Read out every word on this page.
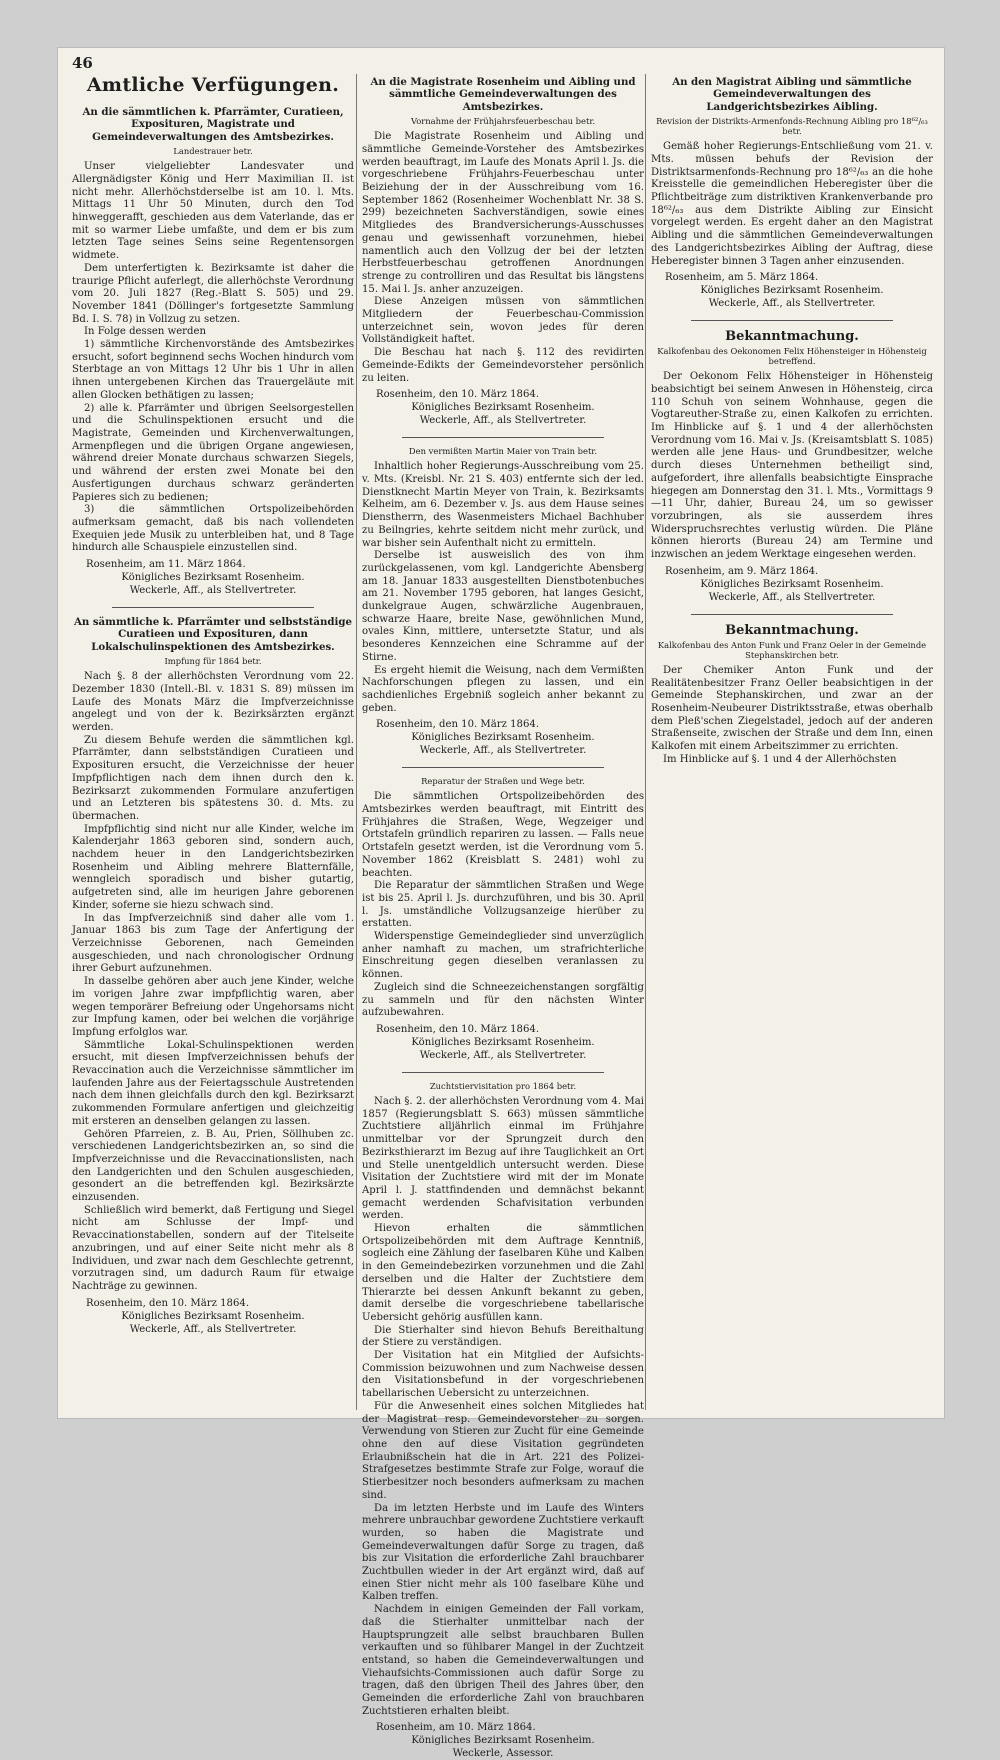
46
Amtliche Verfügungen.
An die sämmtlichen k. Pfarrämter, Curatieen, Exposituren, Magistrate und Gemeindeverwaltungen des Amtsbezirkes.
Landestrauer betr.

Unser vielgeliebter Landesvater und Allergnädigster König und Herr Maximilian II. ist nicht mehr. Allerhöchstderselbe ist am 10. l. Mts. Mittags 11 Uhr 50 Minuten, durch den Tod hinweggerafft, geschieden aus dem Vaterlande, das er mit so warmer Liebe umfaßte, und dem er bis zum letzten Tage seines Seins seine Regentensorgen widmete.

Dem unterfertigten k. Bezirksamte ist daher die traurige Pflicht auferlegt, die allerhöchste Verordnung vom 20. Juli 1827 (Reg.-Blatt S. 505) und 29. November 1841 (Döllinger's fortgesetzte Sammlung Bd. I. S. 78) in Vollzug zu setzen.

In Folge dessen werden

1) sämmtliche Kirchenvorstände des Amtsbezirkes ersucht, sofort beginnend sechs Wochen hindurch vom Sterbtage an von Mittags 12 Uhr bis 1 Uhr in allen ihnen untergebenen Kirchen das Trauergeläute mit allen Glocken bethätigen zu lassen;

2) alle k. Pfarrämter und übrigen Seelsorgestellen und die Schulinspektionen ersucht und die Magistrate, Gemeinden und Kirchenverwaltungen, Armenpflegen und die übrigen Organe angewiesen, während dreier Monate durchaus schwarzen Siegels, und während der ersten zwei Monate bei den Ausfertigungen durchaus schwarz geränderten Papieres sich zu bedienen;

3) die sämmtlichen Ortspolizeibehörden aufmerksam gemacht, daß bis nach vollendeten Exequien jede Musik zu unterbleiben hat, und 8 Tage hindurch alle Schauspiele einzustellen sind.

Rosenheim, am 11. März 1864.
Königliches Bezirksamt Rosenheim.
Weckerle, Aff., als Stellvertreter.
An sämmtliche k. Pfarrämter und selbstständige Curatieen und Exposituren, dann Lokalschulinspektionen des Amtsbezirkes.
Impfung für 1864 betr.

Nach §. 8 der allerhöchsten Verordnung vom 22. Dezember 1830 (Intell.-Bl. v. 1831 S. 89) müssen im Laufe des Monats März die Impfverzeichnisse angelegt und von der k. Bezirksärzten ergänzt werden.

Zu diesem Behufe werden die sämmtlichen kgl. Pfarrämter, dann selbstständigen Curatieen und Exposituren ersucht, die Verzeichnisse der heuer Impfpflichtigen nach dem ihnen durch den k. Bezirksarzt zukommenden Formulare anzufertigen und an Letzteren bis spätestens 30. d. Mts. zu übermachen.

Impfpflichtig sind nicht nur alle Kinder, welche im Kalenderjahr 1863 geboren sind, sondern auch, nachdem heuer in den Landgerichtsbezirken Rosenheim und Aibling mehrere Blatternfälle, wenngleich sporadisch und bisher gutartig, aufgetreten sind, alle im heurigen Jahre geborenen Kinder, soferne sie hiezu schwach sind.

In das Impfverzeichniß sind daher alle vom 1. Januar 1863 bis zum Tage der Anfertigung der Verzeichnisse Geborenen, nach Gemeinden ausgeschieden, und nach chronologischer Ordnung ihrer Geburt aufzunehmen.

In dasselbe gehören aber auch jene Kinder, welche im vorigen Jahre zwar impfpflichtig waren, aber wegen temporärer Befreiung oder Ungehorsams nicht zur Impfung kamen, oder bei welchen die vorjährige Impfung erfolglos war.

Sämmtliche Lokal-Schulinspektionen werden ersucht, mit diesen Impfverzeichnissen behufs der Revaccination auch die Verzeichnisse sämmtlicher im laufenden Jahre aus der Feiertagsschule Austretenden nach dem ihnen gleichfalls durch den kgl. Bezirksarzt zukommenden Formulare anfertigen und gleichzeitig mit ersteren an denselben gelangen zu lassen.

Gehören Pfarreien, z. B. Au, Prien, Söllhuben zc. verschiedenen Landgerichtsbezirken an, so sind die Impfverzeichnisse und die Revaccinationslisten, nach den Landgerichten und den Schulen ausgeschieden, gesondert an die betreffenden kgl. Bezirksärzte einzusenden.

Schließlich wird bemerkt, daß Fertigung und Siegel nicht am Schlusse der Impf- und Revaccinationstabellen, sondern auf der Titelseite anzubringen, und auf einer Seite nicht mehr als 8 Individuen, und zwar nach dem Geschlechte getrennt, vorzutragen sind, um dadurch Raum für etwaige Nachträge zu gewinnen.

Rosenheim, den 10. März 1864.
Königliches Bezirksamt Rosenheim.
Weckerle, Aff., als Stellvertreter.
An die Magistrate Rosenheim und Aibling und sämmtliche Gemeindeverwaltungen des Amtsbezirkes.
Vornahme der Frühjahrsfeuerbeschau betr.

Die Magistrate Rosenheim und Aibling und sämmtliche Gemeinde-Vorsteher des Amtsbezirkes werden beauftragt, im Laufe des Monats April l. Js. die vorgeschriebene Frühjahrs-Feuerbeschau unter Beiziehung der in der Ausschreibung vom 16. September 1862 (Rosenheimer Wochenblatt Nr. 38 S. 299) bezeichneten Sachverständigen, sowie eines Mitgliedes des Brandversicherungs-Ausschusses genau und gewissenhaft vorzunehmen, hiebei namentlich auch den Vollzug der bei der letzten Herbstfeuerbeschau getroffenen Anordnungen strenge zu controlliren und das Resultat bis längstens 15. Mai l. Js. anher anzuzeigen.

Diese Anzeigen müssen von sämmtlichen Mitgliedern der Feuerbeschau-Commission unterzeichnet sein, wovon jedes für deren Vollständigkeit haftet.

Die Beschau hat nach §. 112 des revidirten Gemeinde-Edikts der Gemeindevorsteher persönlich zu leiten.

Rosenheim, den 10. März 1864.
Königliches Bezirksamt Rosenheim.
Weckerle, Aff., als Stellvertreter.
Den vermißten Martin Maier von Train betr.

Inhaltlich hoher Regierungs-Ausschreibung vom 25. v. Mts. (Kreisbl. Nr. 21 S. 403) entfernte sich der led. Dienstknecht Martin Meyer von Train, k. Bezirksamts Kelheim, am 6. Dezember v. Js. aus dem Hause seines Dienstherrn, des Wasenmeisters Michael Bachhuber zu Beilngries, kehrte seitdem nicht mehr zurück, und war bisher sein Aufenthalt nicht zu ermitteln.

Derselbe ist ausweislich des von ihm zurückgelassenen, vom kgl. Landgerichte Abensberg am 18. Januar 1833 ausgestellten Dienstbotenbuches am 21. November 1795 geboren, hat langes Gesicht, dunkelgraue Augen, schwärzliche Augenbrauen, schwarze Haare, breite Nase, gewöhnlichen Mund, ovales Kinn, mittlere, untersetzte Statur, und als besonderes Kennzeichen eine Schramme auf der Stirne.

Es ergeht hiemit die Weisung, nach dem Vermißten Nachforschungen pflegen zu lassen, und ein sachdienliches Ergebniß sogleich anher bekannt zu geben.

Rosenheim, den 10. März 1864.
Königliches Bezirksamt Rosenheim.
Weckerle, Aff., als Stellvertreter.
Reparatur der Straßen und Wege betr.

Die sämmtlichen Ortspolizeibehörden des Amtsbezirkes werden beauftragt, mit Eintritt des Frühjahres die Straßen, Wege, Wegzeiger und Ortstafeln gründlich repariren zu lassen. — Falls neue Ortstafeln gesetzt werden, ist die Verordnung vom 5. November 1862 (Kreisblatt S. 2481) wohl zu beachten.

Die Reparatur der sämmtlichen Straßen und Wege ist bis 25. April l. Js. durchzuführen, und bis 30. April l. Js. umständliche Vollzugsanzeige hierüber zu erstatten.

Widerspenstige Gemeindeglieder sind unverzüglich anher namhaft zu machen, um strafrichterliche Einschreitung gegen dieselben veranlassen zu können.

Zugleich sind die Schneezeichenstangen sorgfältig zu sammeln und für den nächsten Winter aufzubewahren.

Rosenheim, den 10. März 1864.
Königliches Bezirksamt Rosenheim.
Weckerle, Aff., als Stellvertreter.
Zuchtstiervisitation pro 1864 betr.

Nach §. 2. der allerhöchsten Verordnung vom 4. Mai 1857 (Regierungsblatt S. 663) müssen sämmtliche Zuchtstiere alljährlich einmal im Frühjahre unmittelbar vor der Sprungzeit durch den Bezirksthierarzt im Bezug auf ihre Tauglichkeit an Ort und Stelle unentgeldlich untersucht werden. Diese Visitation der Zuchtstiere wird mit der im Monate April l. J. stattfindenden und demnächst bekannt gemacht werdenden Schafvisitation verbunden werden.

Hievon erhalten die sämmtlichen Ortspolizeibehörden mit dem Auftrage Kenntniß, sogleich eine Zählung der faselbaren Kühe und Kalben in den Gemeindebezirken vorzunehmen und die Zahl derselben und die Halter der Zuchtstiere dem Thierarzte bei dessen Ankunft bekannt zu geben, damit derselbe die vorgeschriebene tabellarische Uebersicht gehörig ausfüllen kann.

Die Stierhalter sind hievon Behufs Bereithaltung der Stiere zu verständigen.

Der Visitation hat ein Mitglied der Aufsichts-Commission beizuwohnen und zum Nachweise dessen den Visitationsbefund in der vorgeschriebenen tabellarischen Uebersicht zu unterzeichnen.

Für die Anwesenheit eines solchen Mitgliedes hat der Magistrat resp. Gemeindevorsteher zu sorgen. Verwendung von Stieren zur Zucht für eine Gemeinde ohne den auf diese Visitation gegründeten Erlaubnißschein hat die in Art. 221 des Polizei-Strafgesetzes bestimmte Strafe zur Folge, worauf die Stierbesitzer noch besonders aufmerksam zu machen sind.

Da im letzten Herbste und im Laufe des Winters mehrere unbrauchbar gewordene Zuchtstiere verkauft wurden, so haben die Magistrate und Gemeindeverwaltungen dafür Sorge zu tragen, daß bis zur Visitation die erforderliche Zahl brauchbarer Zuchtbullen wieder in der Art ergänzt wird, daß auf einen Stier nicht mehr als 100 faselbare Kühe und Kalben treffen.

Nachdem in einigen Gemeinden der Fall vorkam, daß die Stierhalter unmittelbar nach der Hauptsprungzeit alle selbst brauchbaren Bullen verkauften und so fühlbarer Mangel in der Zuchtzeit entstand, so haben die Gemeindeverwaltungen und Viehaufsichts-Commissionen auch dafür Sorge zu tragen, daß den übrigen Theil des Jahres über, den Gemeinden die erforderliche Zahl von brauchbaren Zuchtstieren erhalten bleibt.

Rosenheim, am 10. März 1864.
Königliches Bezirksamt Rosenheim.
Weckerle, Assessor.
An den Magistrat Aibling und sämmtliche Gemeindeverwaltungen des Landgerichtsbezirkes Aibling.
Revision der Distrikts-Armenfonds-Rechnung Aibling pro 18⁶²/₆₃ betr.

Gemäß hoher Regierungs-Entschließung vom 21. v. Mts. müssen behufs der Revision der Distriktsarmenfonds-Rechnung pro 18⁶²/₆₃ an die hohe Kreisstelle die gemeindlichen Heberegister über die Pflichtbeiträge zum distriktiven Krankenverbande pro 18⁶²/₆₃ aus dem Distrikte Aibling zur Einsicht vorgelegt werden. Es ergeht daher an den Magistrat Aibling und die sämmtlichen Gemeindeverwaltungen des Landgerichtsbezirkes Aibling der Auftrag, diese Heberegister binnen 3 Tagen anher einzusenden.

Rosenheim, am 5. März 1864.
Königliches Bezirksamt Rosenheim.
Weckerle, Aff., als Stellvertreter.
Bekanntmachung.
Kalkofenbau des Oekonomen Felix Höhensteiger in Höhensteig betreffend.

Der Oekonom Felix Höhensteiger in Höhensteig beabsichtigt bei seinem Anwesen in Höhensteig, circa 110 Schuh von seinem Wohnhause, gegen die Vogtareuther-Straße zu, einen Kalkofen zu errichten. Im Hinblicke auf §. 1 und 4 der allerhöchsten Verordnung vom 16. Mai v. Js. (Kreisamtsblatt S. 1085) werden alle jene Haus- und Grundbesitzer, welche durch dieses Unternehmen betheiligt sind, aufgefordert, ihre allenfalls beabsichtigte Einsprache hiegegen am Donnerstag den 31. l. Mts., Vormittags 9—11 Uhr, dahier, Bureau 24, um so gewisser vorzubringen, als sie ausserdem ihres Widerspruchsrechtes verlustig würden. Die Pläne können hierorts (Bureau 24) am Termine und inzwischen an jedem Werktage eingesehen werden.

Rosenheim, am 9. März 1864.
Königliches Bezirksamt Rosenheim.
Weckerle, Aff., als Stellvertreter.
Bekanntmachung.
Kalkofenbau des Anton Funk und Franz Oeler in der Gemeinde Stephanskirchen betr.

Der Chemiker Anton Funk und der Realitätenbesitzer Franz Oeller beabsichtigen in der Gemeinde Stephanskirchen, und zwar an der Rosenheim-Neubeurer Distriktsstraße, etwas oberhalb dem Pleß'schen Ziegelstadel, jedoch auf der anderen Straßenseite, zwischen der Straße und dem Inn, einen Kalkofen mit einem Arbeitszimmer zu errichten.

Im Hinblicke auf §. 1 und 4 der Allerhöchsten
